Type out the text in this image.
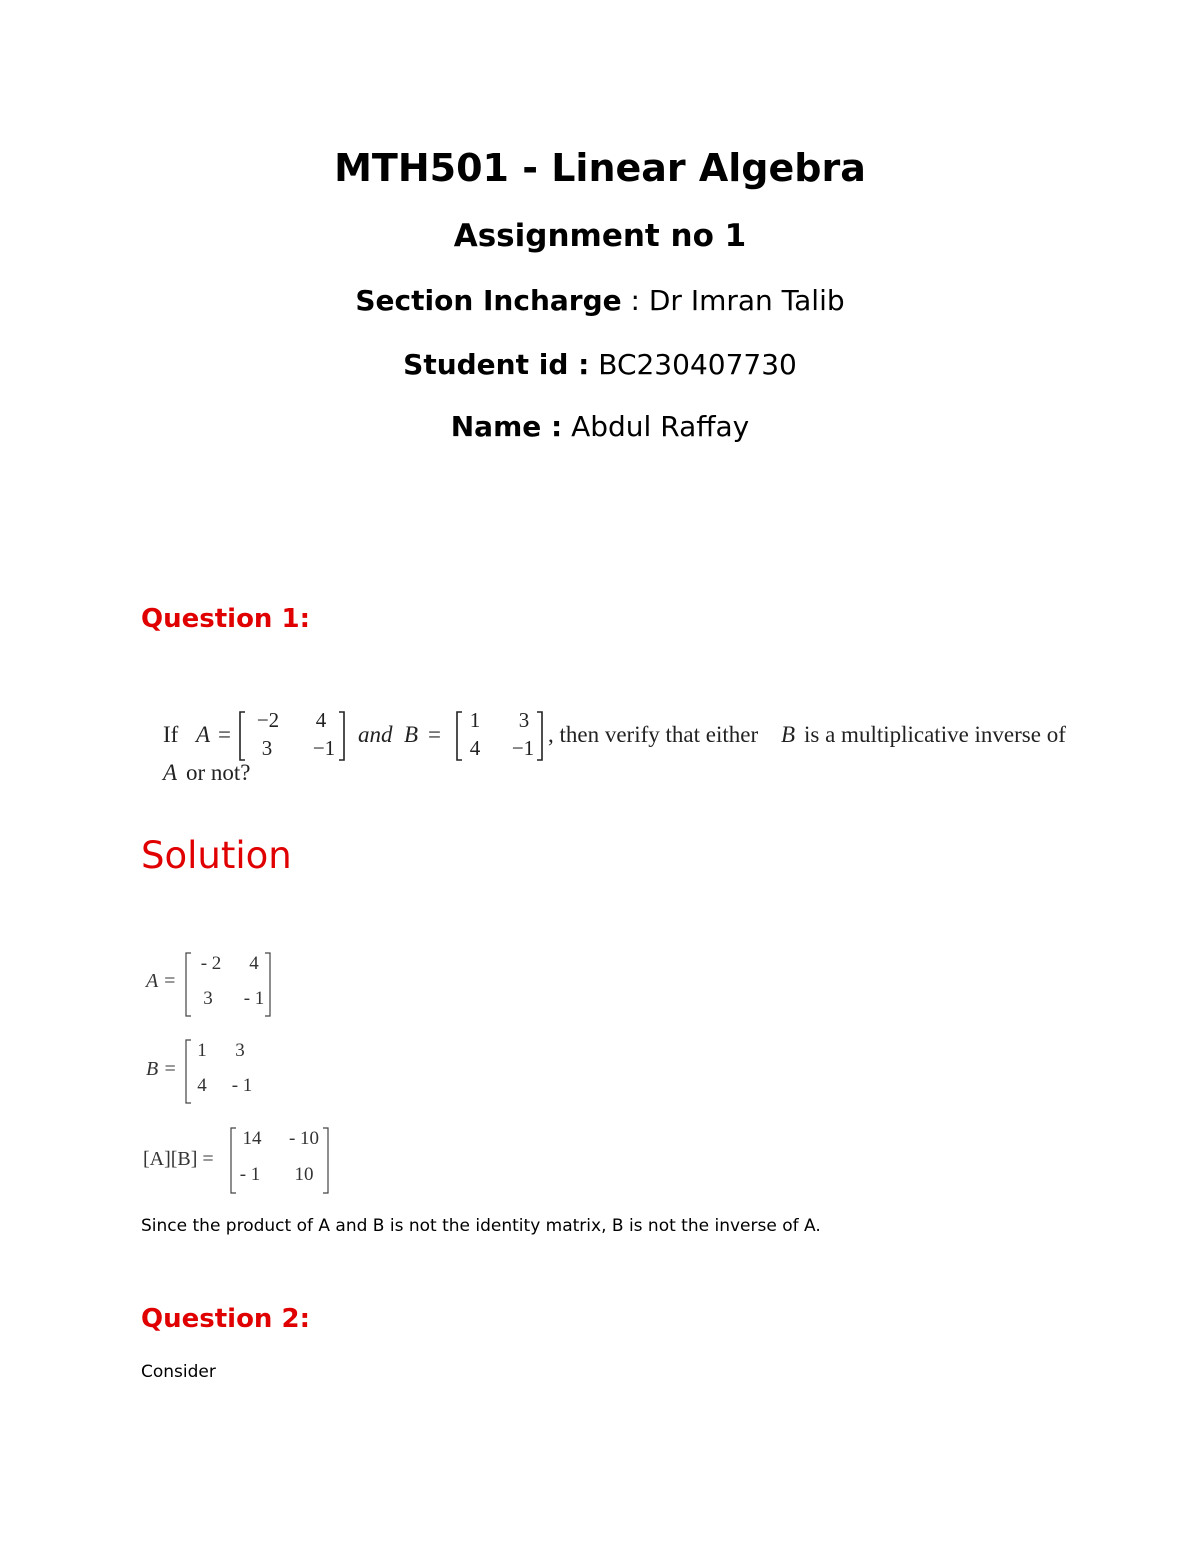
MTH501 - Linear Algebra
Assignment no 1
Section Incharge : Dr Imran Talib
Student id : BC230407730
Name : Abdul Raffay
Question 1:
If A =
−2	4
3	−1
and B =
1	3
4	−1
, then verify that either B is a multiplicative inverse of
A or not?
Solution
A =
- 2	4
3	- 1
B =
1	3
4	- 1
[A][B] =
14	- 10
- 1	10
Since the product of A and B is not the identity matrix, B is not the inverse of A.
Question 2:
Consider
